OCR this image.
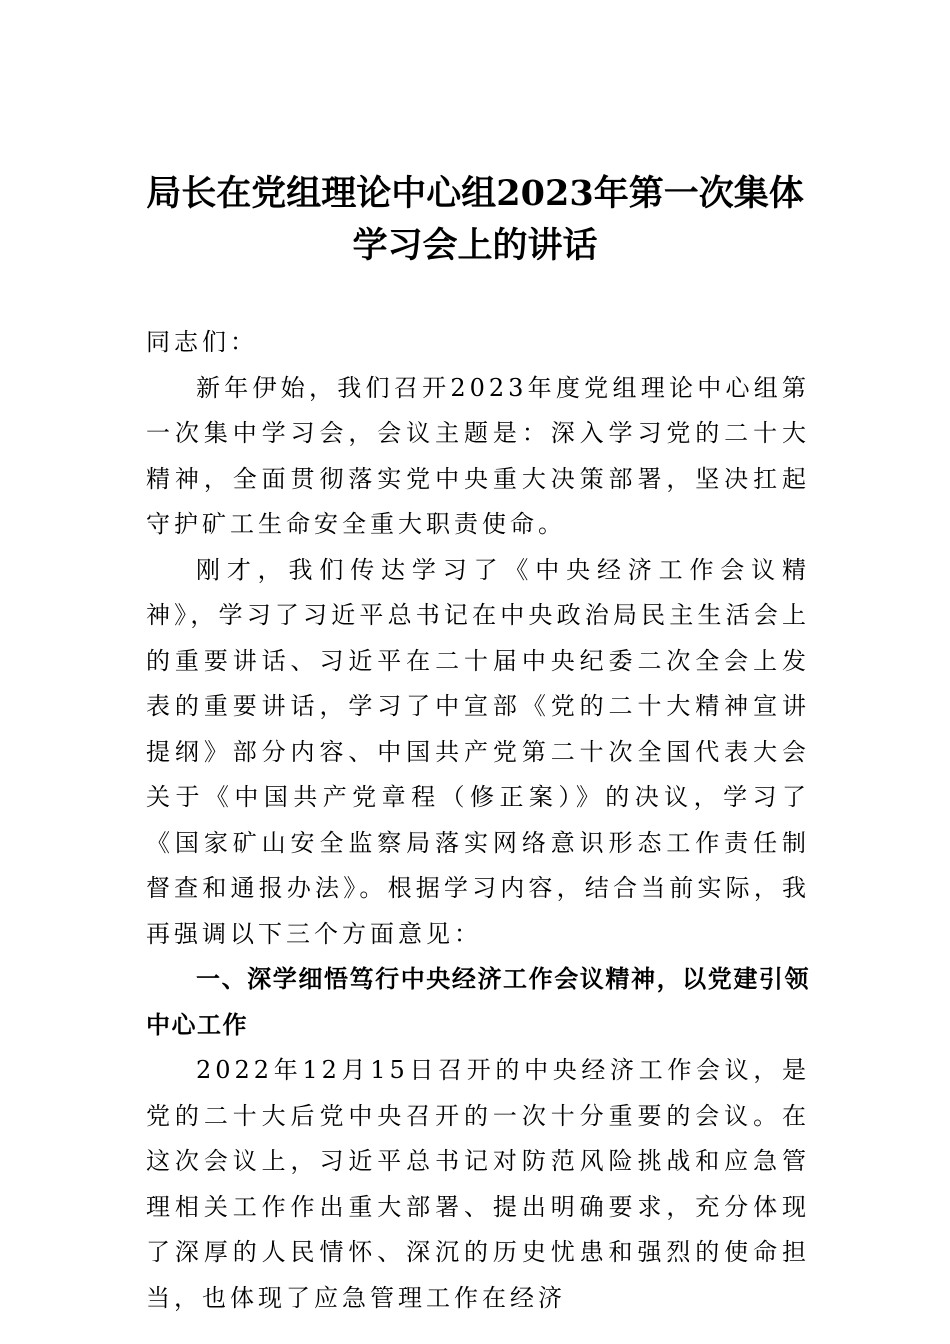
局长在党组理论中心组2023年第一次集体
学习会上的讲话

同志们：

新年伊始，我们召开2023年度党组理论中心组第一次集中学习会，会议主题是：深入学习党的二十大精神，全面贯彻落实党中央重大决策部署，坚决扛起守护矿工生命安全重大职责使命。

刚才，我们传达学习了《中央经济工作会议精神》，学习了习近平总书记在中央政治局民主生活会上的重要讲话、习近平在二十届中央纪委二次全会上发表的重要讲话，学习了中宣部《党的二十大精神宣讲提纲》部分内容、中国共产党第二十次全国代表大会关于《中国共产党章程（修正案）》的决议，学习了《国家矿山安全监察局落实网络意识形态工作责任制督查和通报办法》。根据学习内容，结合当前实际，我再强调以下三个方面意见：

一、深学细悟笃行中央经济工作会议精神，以党建引领中心工作

2022年12月15日召开的中央经济工作会议，是党的二十大后党中央召开的一次十分重要的会议。在这次会议上，习近平总书记对防范风险挑战和应急管理相关工作作出重大部署、提出明确要求，充分体现了深厚的人民情怀、深沉的历史忧患和强烈的使命担当，也体现了应急管理工作在经济
